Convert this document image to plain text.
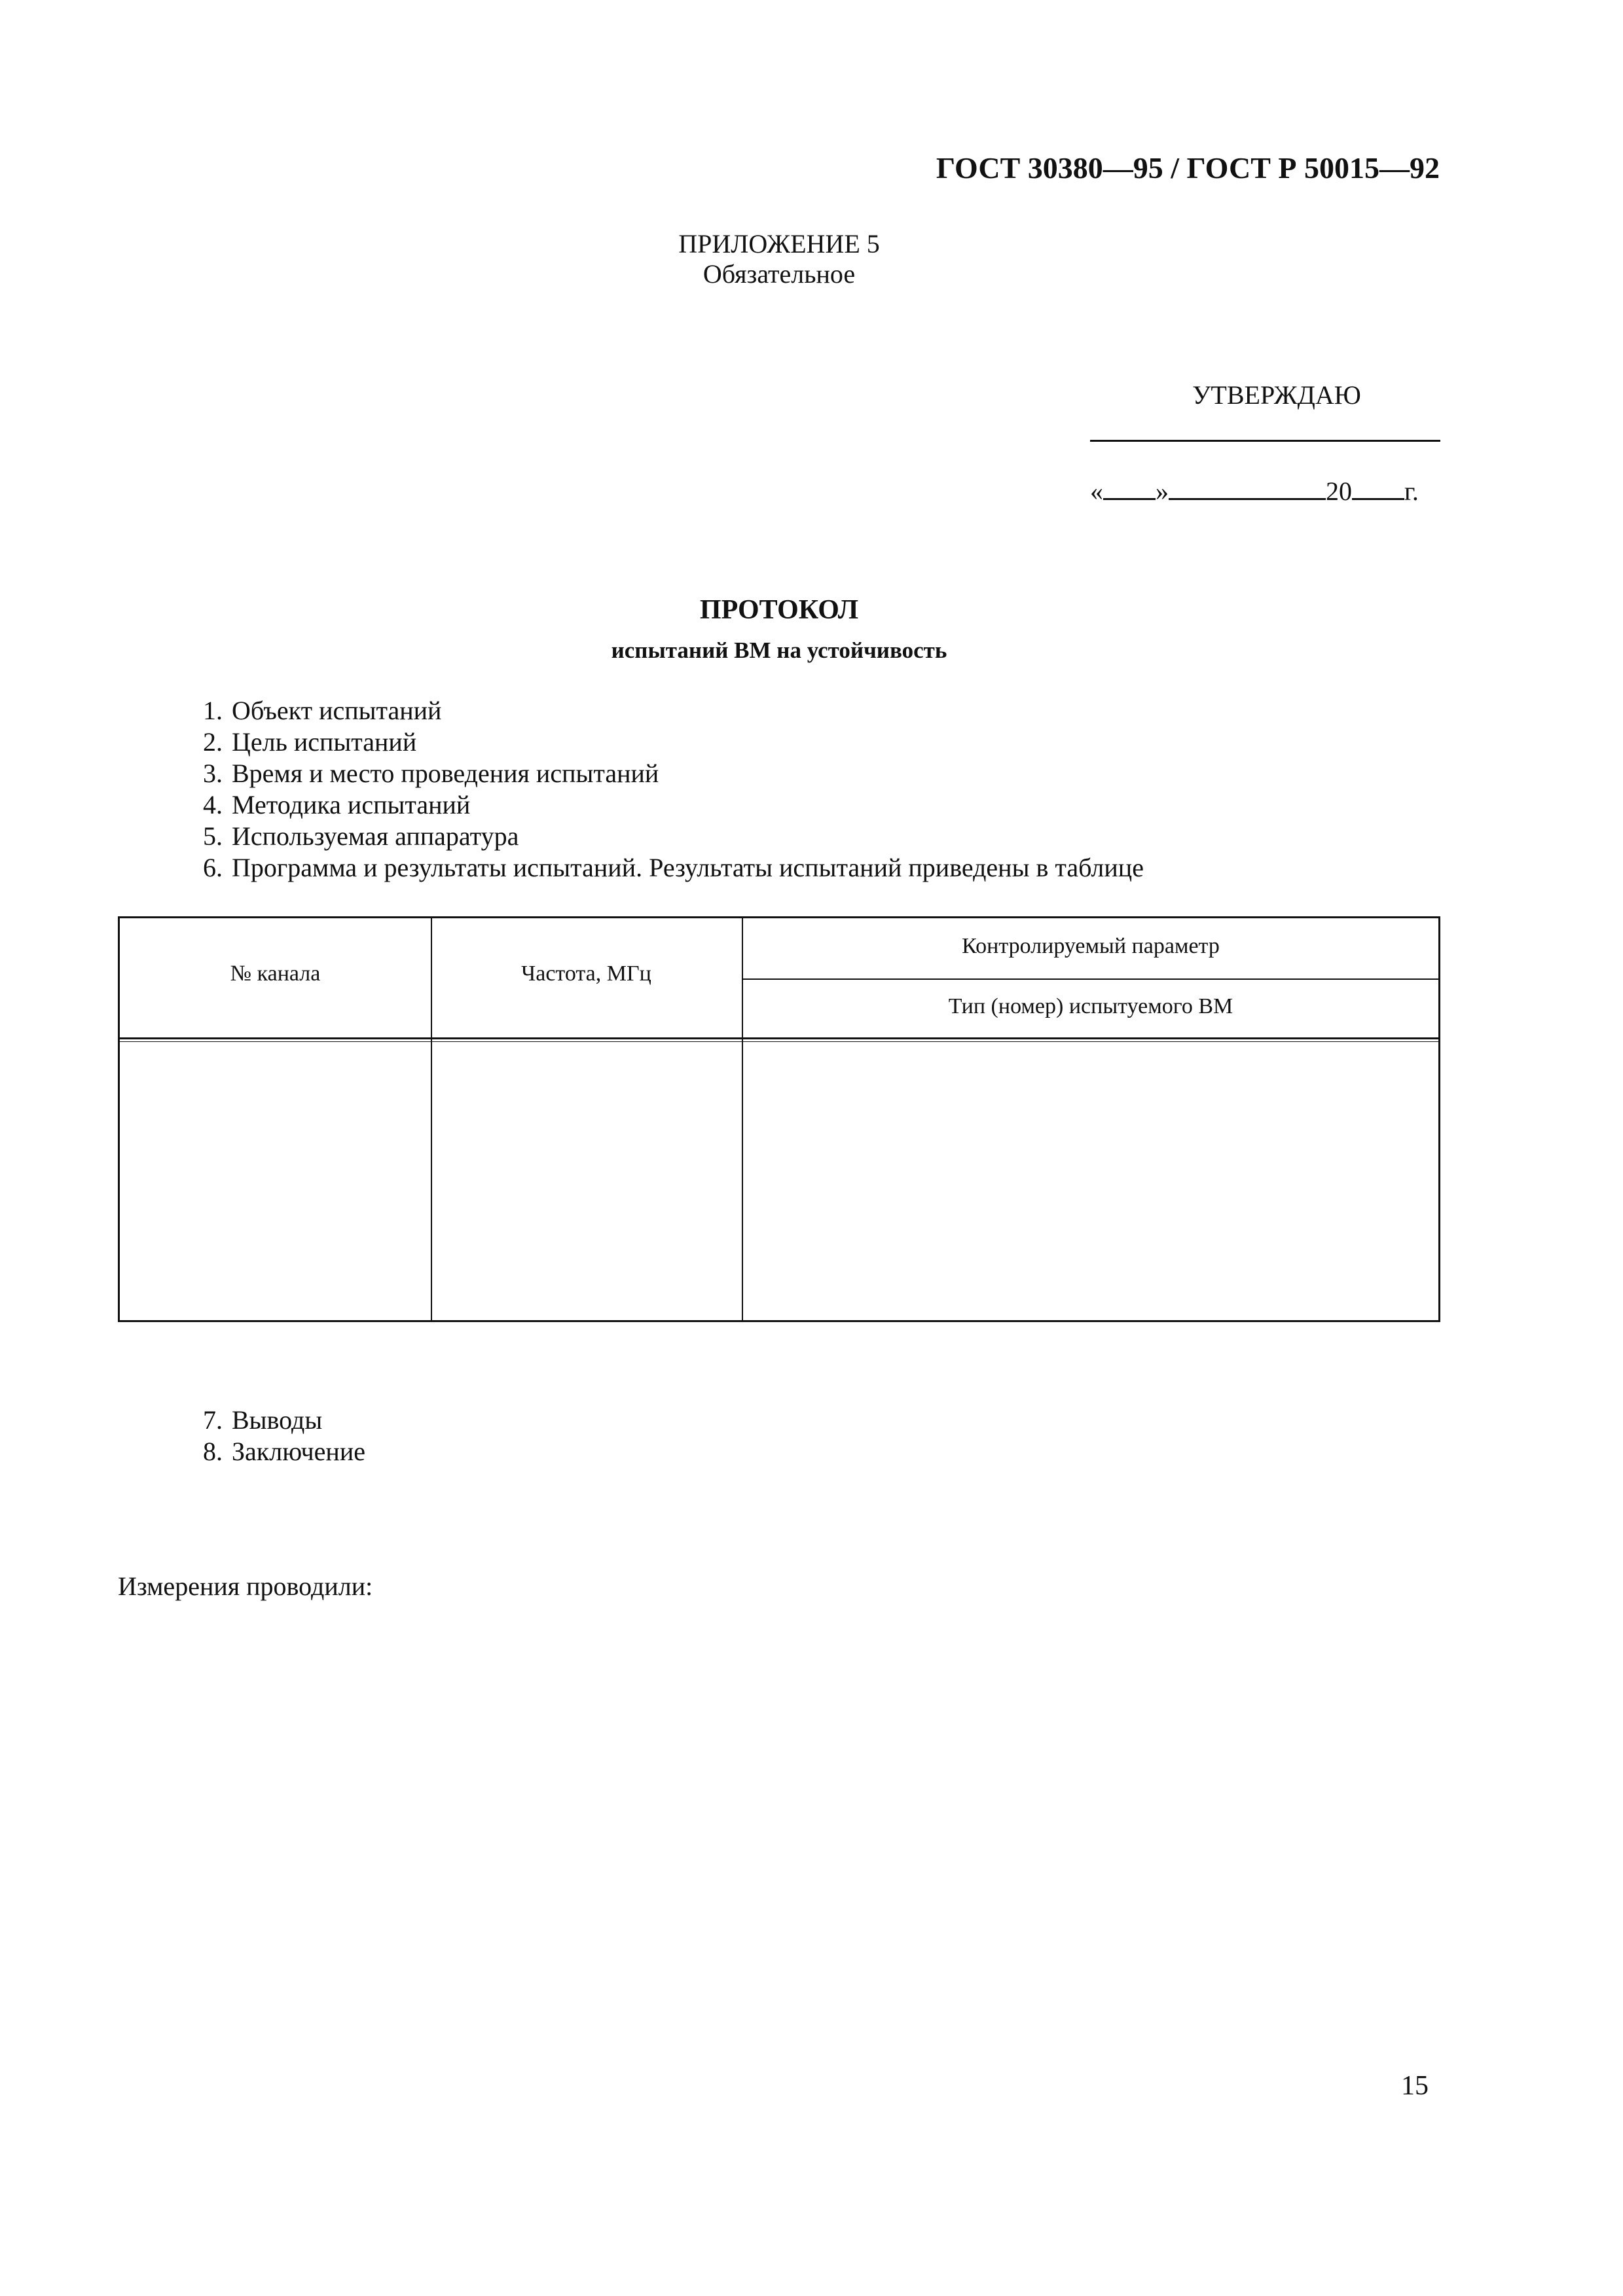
ГОСТ 30380—95 / ГОСТ Р 50015—92
ПРИЛОЖЕНИЕ 5
Обязательное
УТВЕРЖДАЮ
« »	20 г.
ПРОТОКОЛ
испытаний ВМ на устойчивость
1. Объект испытаний
2. Цель испытаний
3. Время и место проведения испытаний
4. Методика испытаний
5. Используемая аппаратура
6. Программа и результаты испытаний. Результаты испытаний приведены в таблице
№ канала	Частота, МГц
Контролируемый параметр
Тип (номер) испытуемого ВМ
7. Выводы
8. Заключение
Измерения проводили:
15
